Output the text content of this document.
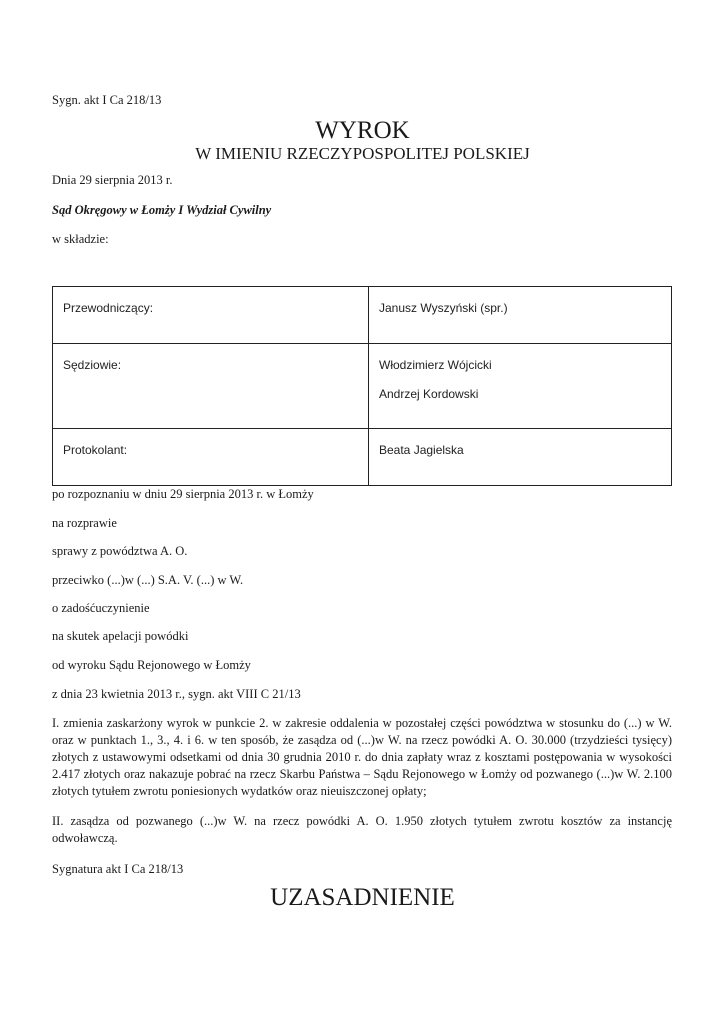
Sygn. akt I Ca 218/13
WYROK
W IMIENIU RZECZYPOSPOLITEJ POLSKIEJ
Dnia 29 sierpnia 2013 r.
Sąd Okręgowy w Łomży I Wydział Cywilny
w składzie:
Przewodniczący:	Janusz Wyszyński (spr.)

Sędziowie:	Włodzimierz Wójcicki
Andrzej Kordowski

Protokolant:	Beata Jagielska
po rozpoznaniu w dniu 29 sierpnia 2013 r. w Łomży
na rozprawie
sprawy z powództwa A. O.
przeciwko (...)w (...) S.A. V. (...) w W.
o zadośćuczynienie
na skutek apelacji powódki
od wyroku Sądu Rejonowego w Łomży
z dnia 23 kwietnia 2013 r., sygn. akt VIII C 21/13
I. zmienia zaskarżony wyrok w punkcie 2. w zakresie oddalenia w pozostałej części powództwa w stosunku do (...) w W. oraz w punktach 1., 3., 4. i 6. w ten sposób, że zasądza od (...)w W. na rzecz powódki A. O. 30.000 (trzydzieści tysięcy) złotych z ustawowymi odsetkami od dnia 30 grudnia 2010 r. do dnia zapłaty wraz z kosztami postępowania w wysokości 2.417 złotych oraz nakazuje pobrać na rzecz Skarbu Państwa – Sądu Rejonowego w Łomży od pozwanego (...)w W. 2.100 złotych tytułem zwrotu poniesionych wydatków oraz nieuiszczonej opłaty;
II. zasądza od pozwanego (...)w W. na rzecz powódki A. O. 1.950 złotych tytułem zwrotu kosztów za instancję odwoławczą.
Sygnatura akt I Ca 218/13
UZASADNIENIE
